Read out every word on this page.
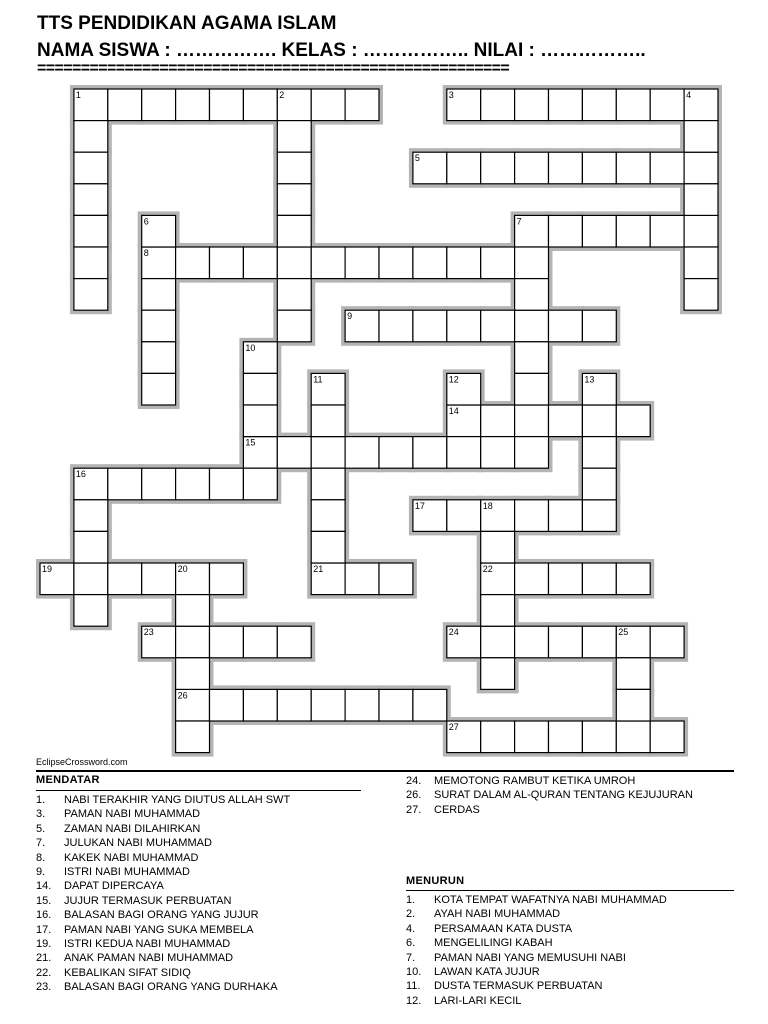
TTS PENDIDIKAN AGAMA ISLAM
NAMA SISWA : ……………. KELAS : …………….. NILAI : ……………..
======================================================
1	3
5
7
8
9
14
15
16
17
19	21	22
23	24
26
27
2	4
6
10
11	12	13
18
20
25
EclipseCrossword.com
MENDATAR
1.	NABI TERAKHIR YANG DIUTUS ALLAH SWT
3.	PAMAN NABI MUHAMMAD
5.	ZAMAN NABI DILAHIRKAN
7.	JULUKAN NABI MUHAMMAD
8.	KAKEK NABI MUHAMMAD
9.	ISTRI NABI MUHAMMAD
14.	DAPAT DIPERCAYA
15.	JUJUR TERMASUK PERBUATAN
16.	BALASAN BAGI ORANG YANG JUJUR
17.	PAMAN NABI YANG SUKA MEMBELA
19.	ISTRI KEDUA NABI MUHAMMAD
21.	ANAK PAMAN NABI MUHAMMAD
22.	KEBALIKAN SIFAT SIDIQ
23.	BALASAN BAGI ORANG YANG DURHAKA
24.	MEMOTONG RAMBUT KETIKA UMROH
26.	SURAT DALAM AL-QURAN TENTANG KEJUJURAN
27.	CERDAS
MENURUN
1.	KOTA TEMPAT WAFATNYA NABI MUHAMMAD
2.	AYAH NABI MUHAMMAD
4.	PERSAMAAN KATA DUSTA
6.	MENGELILINGI KABAH
7.	PAMAN NABI YANG MEMUSUHI NABI
10.	LAWAN KATA JUJUR
11.	DUSTA TERMASUK PERBUATAN
12.	LARI-LARI KECIL
